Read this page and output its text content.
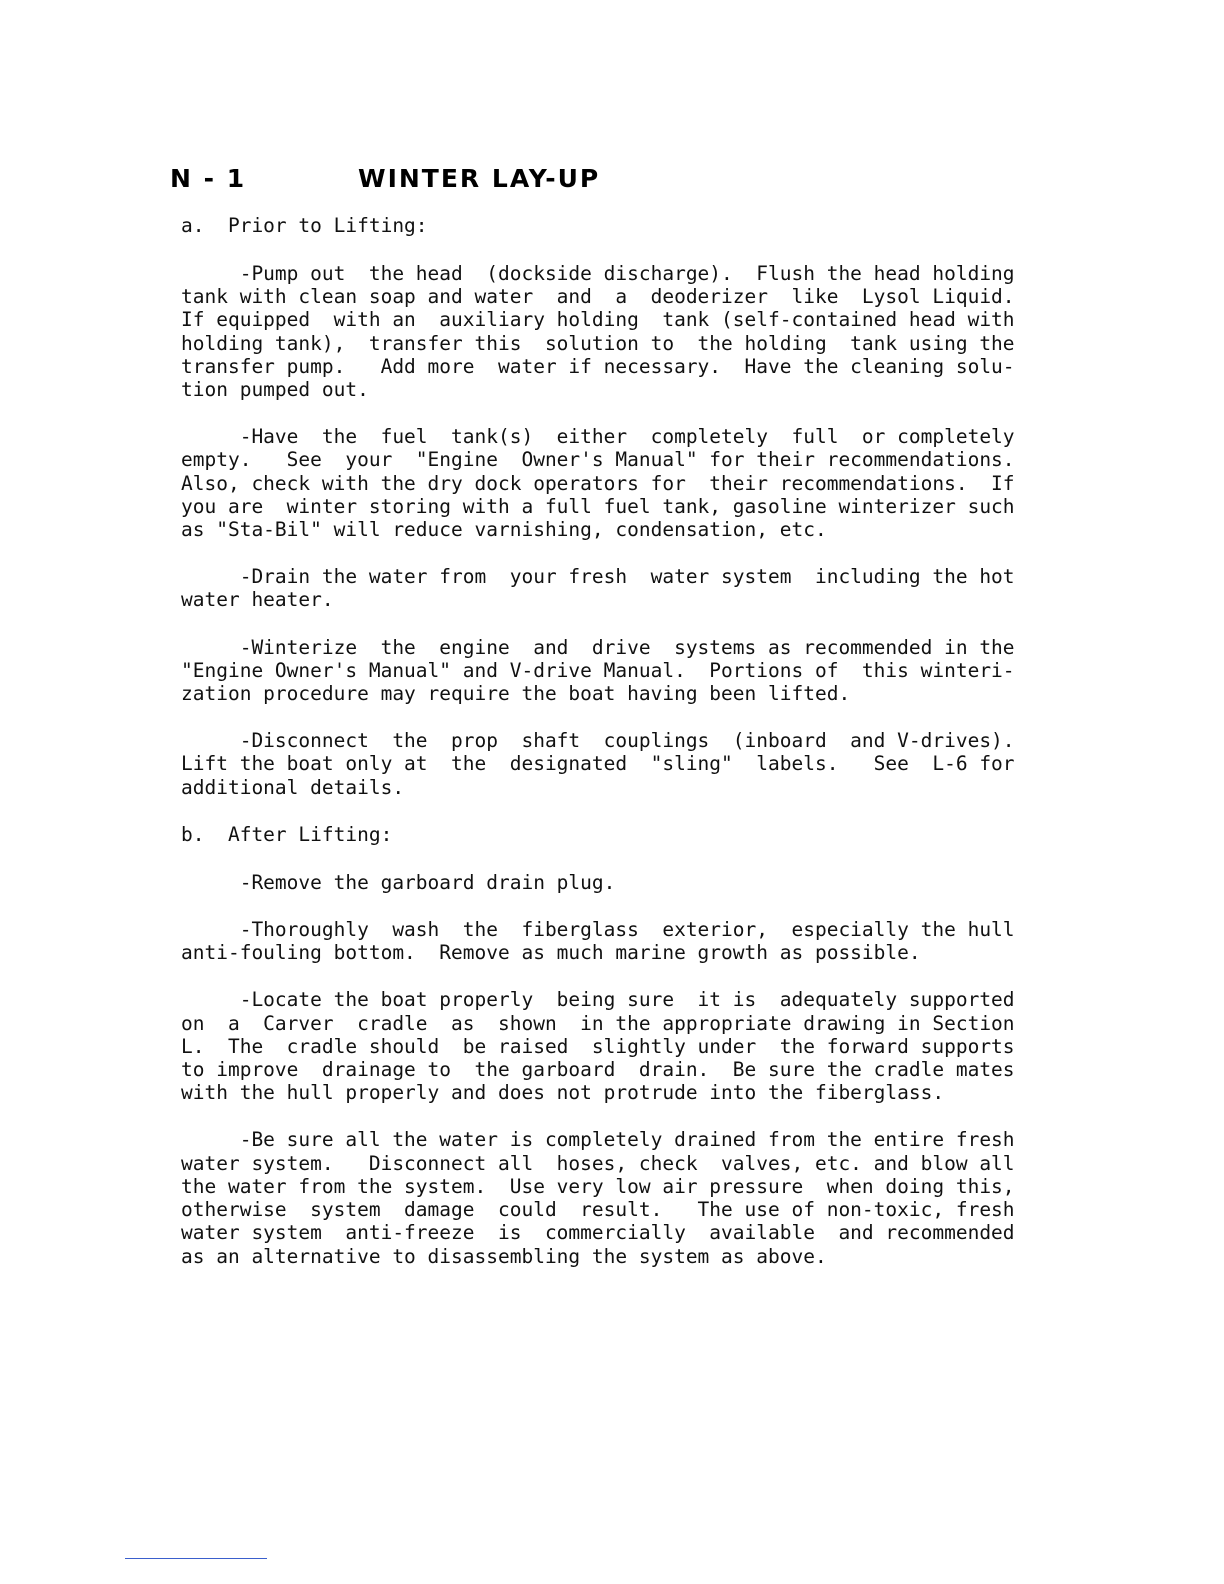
N - 1	WINTER LAY-UP

a.  Prior to Lifting:

-Pump out  the head  (dockside discharge).  Flush the head holding
tank with clean soap and water  and  a  deoderizer  like  Lysol Liquid.
If equipped  with an  auxiliary holding  tank (self-contained head with
holding tank),  transfer this  solution to  the holding  tank using the
transfer pump.   Add more  water if necessary.  Have the cleaning solu-
tion pumped out.

-Have  the  fuel  tank(s)  either  completely  full  or completely
empty.   See  your  "Engine  Owner's Manual" for their recommendations.
Also, check with the dry dock operators for  their recommendations.  If
you are  winter storing with a full fuel tank, gasoline winterizer such
as "Sta-Bil" will reduce varnishing, condensation, etc.

-Drain the water from  your fresh  water system  including the hot
water heater.

-Winterize  the  engine  and  drive  systems as recommended in the
"Engine Owner's Manual" and V-drive Manual.  Portions of  this winteri-
zation procedure may require the boat having been lifted.

-Disconnect  the  prop  shaft  couplings  (inboard  and V-drives).
Lift the boat only at  the  designated  "sling"  labels.   See  L-6 for
additional details.

b.  After Lifting:

-Remove the garboard drain plug.

-Thoroughly  wash  the  fiberglass  exterior,  especially the hull
anti-fouling bottom.  Remove as much marine growth as possible.

-Locate the boat properly  being sure  it is  adequately supported
on  a  Carver  cradle  as  shown  in the appropriate drawing in Section
L.  The  cradle should  be raised  slightly under  the forward supports
to improve  drainage to  the garboard  drain.  Be sure the cradle mates
with the hull properly and does not protrude into the fiberglass.

-Be sure all the water is completely drained from the entire fresh
water system.   Disconnect all  hoses, check  valves, etc. and blow all
the water from the system.  Use very low air pressure  when doing this,
otherwise  system  damage  could  result.   The use of non-toxic, fresh
water system  anti-freeze  is  commercially  available  and recommended
as an alternative to disassembling the system as above.
